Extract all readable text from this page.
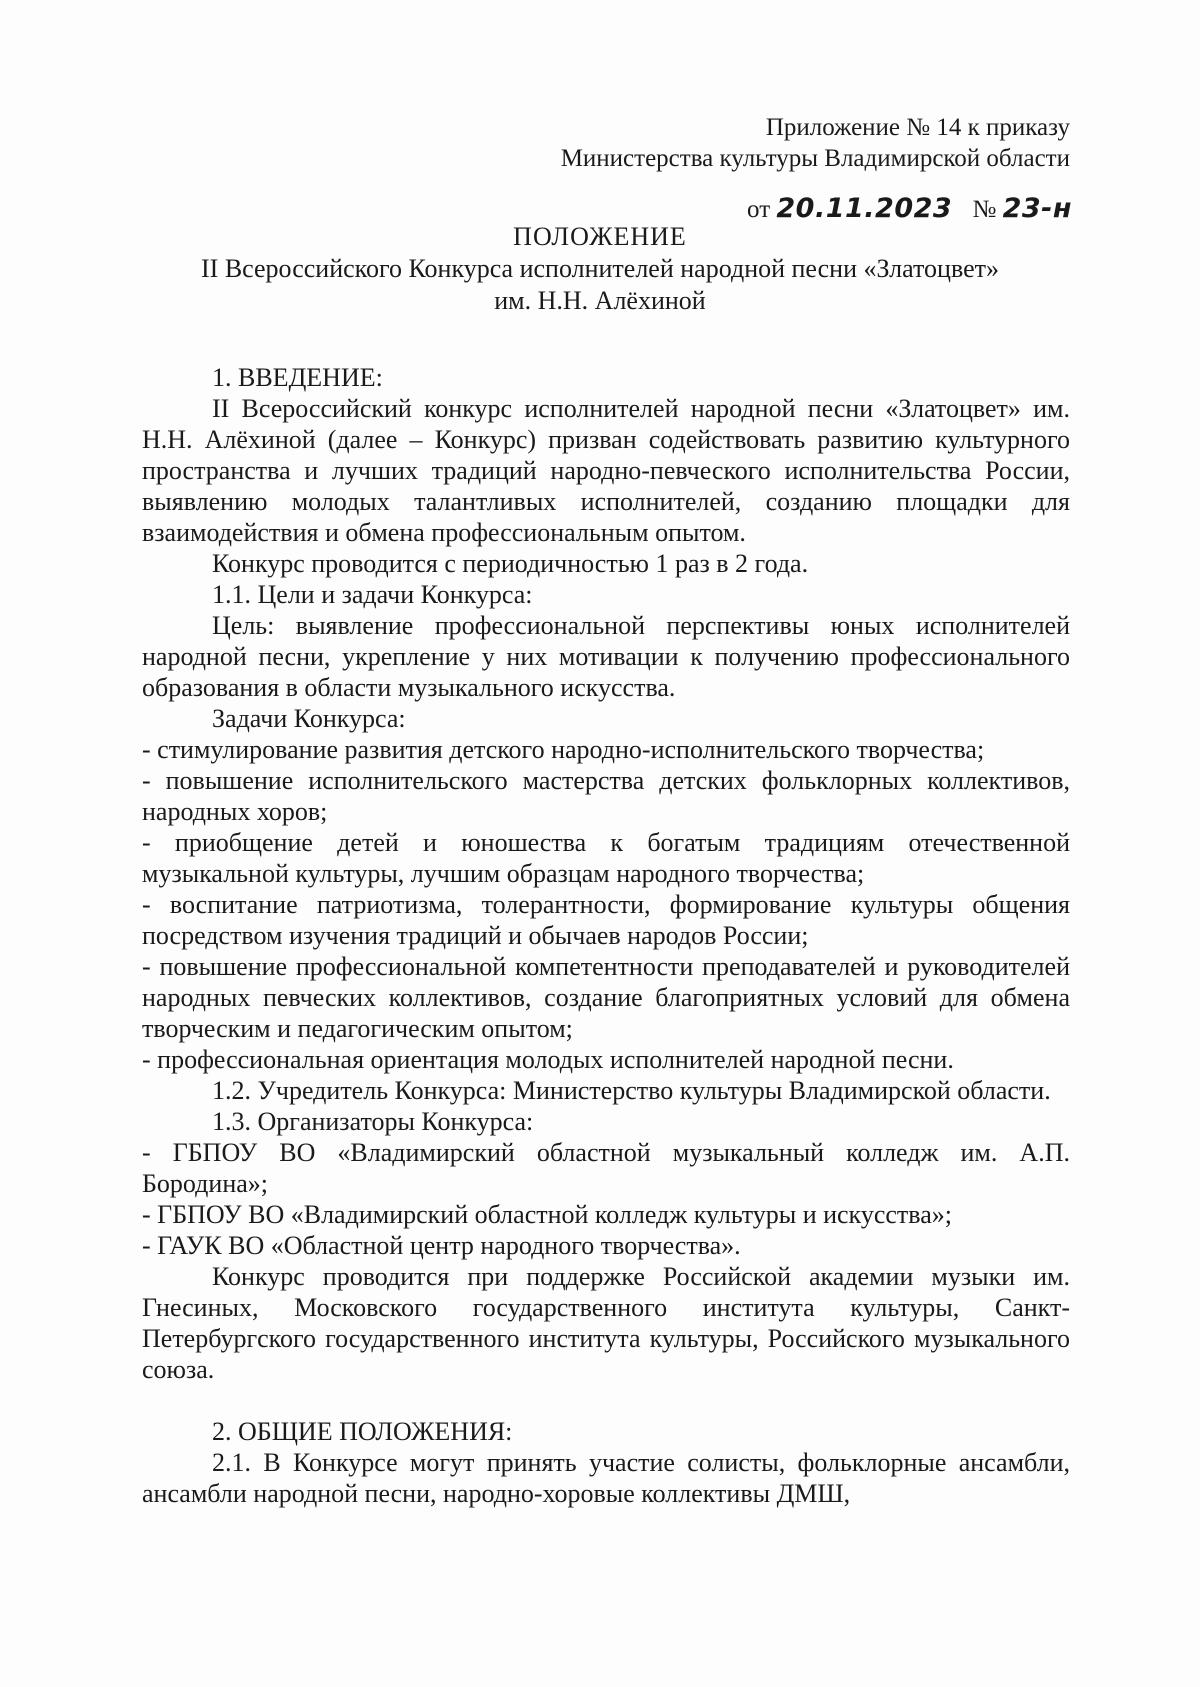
Приложение № 14 к приказу
Министерства культуры Владимирской области
от 20.11.2023 № 23-н
ПОЛОЖЕНИЕ
II Всероссийского Конкурса исполнителей народной песни «Златоцвет»
им. Н.Н. Алёхиной

1. ВВЕДЕНИЕ:

II Всероссийский конкурс исполнителей народной песни «Златоцвет» им. Н.Н. Алёхиной (далее – Конкурс) призван содействовать развитию культурного пространства и лучших традиций народно-певческого исполнительства России, выявлению молодых талантливых исполнителей, созданию площадки для взаимодействия и обмена профессиональным опытом.

Конкурс проводится с периодичностью 1 раз в 2 года.

1.1. Цели и задачи Конкурса:

Цель: выявление профессиональной перспективы юных исполнителей народной песни, укрепление у них мотивации к получению профессионального образования в области музыкального искусства.

Задачи Конкурса:

- стимулирование развития детского народно-исполнительского творчества;

- повышение исполнительского мастерства детских фольклорных коллективов, народных хоров;

- приобщение детей и юношества к богатым традициям отечественной музыкальной культуры, лучшим образцам народного творчества;

- воспитание патриотизма, толерантности, формирование культуры общения посредством изучения традиций и обычаев народов России;

- повышение профессиональной компетентности преподавателей и руководителей народных певческих коллективов, создание благоприятных условий для обмена творческим и педагогическим опытом;

- профессиональная ориентация молодых исполнителей народной песни.

1.2. Учредитель Конкурса: Министерство культуры Владимирской области.

1.3. Организаторы Конкурса:

- ГБПОУ ВО «Владимирский областной музыкальный колледж им. А.П. Бородина»;

- ГБПОУ ВО «Владимирский областной колледж культуры и искусства»;

- ГАУК ВО «Областной центр народного творчества».

Конкурс проводится при поддержке Российской академии музыки им. Гнесиных, Московского государственного института культуры, Санкт-Петербургского государственного института культуры, Российского музыкального союза.

2. ОБЩИЕ ПОЛОЖЕНИЯ:

2.1. В Конкурсе могут принять участие солисты, фольклорные ансамбли, ансамбли народной песни, народно-хоровые коллективы ДМШ,
